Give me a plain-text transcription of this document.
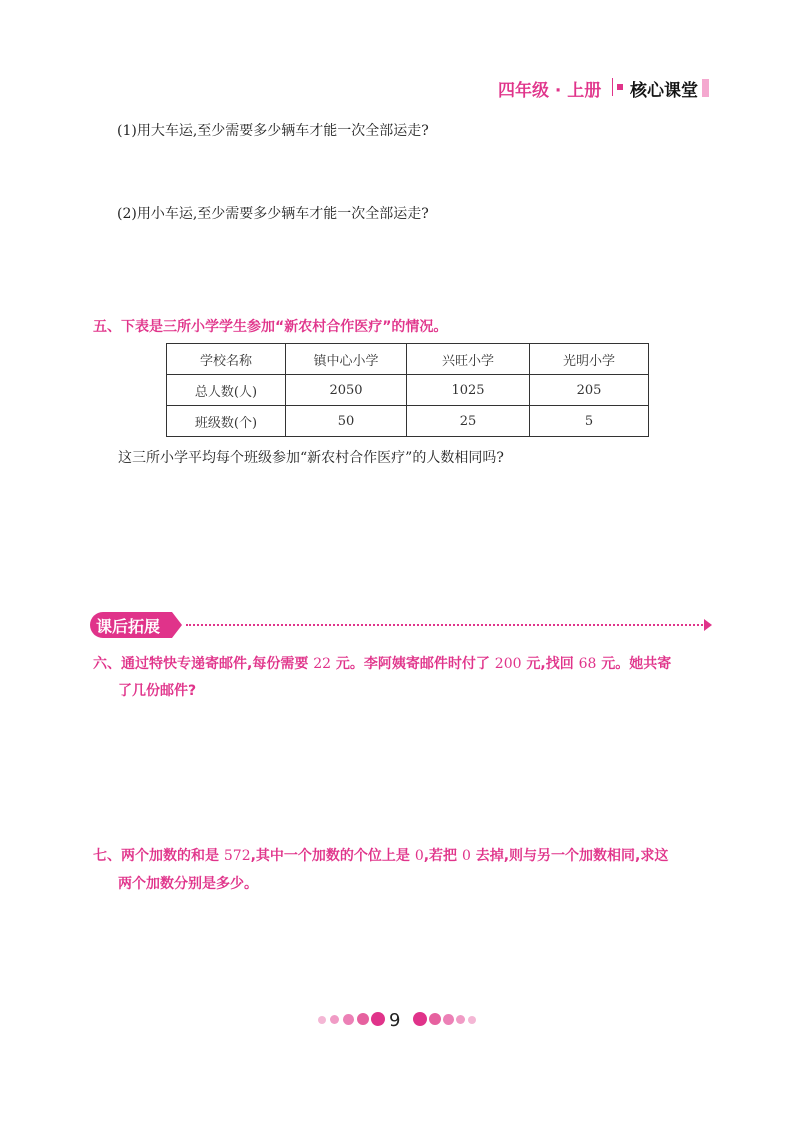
四年级 · 上册 核心课堂
(1)用大车运,至少需要多少辆车才能一次全部运走?
(2)用小车运,至少需要多少辆车才能一次全部运走?
五、下表是三所小学学生参加“新农村合作医疗”的情况。
学校名称	镇中心小学	兴旺小学	光明小学
总人数(人)	2050	1025	205
班级数(个)	50	25	5
这三所小学平均每个班级参加“新农村合作医疗”的人数相同吗?
课后拓展
六、通过特快专递寄邮件,每份需要 22 元。李阿姨寄邮件时付了 200 元,找回 68 元。她共寄
了几份邮件?
七、两个加数的和是 572,其中一个加数的个位上是 0,若把 0 去掉,则与另一个加数相同,求这
两个加数分别是多少。
9
